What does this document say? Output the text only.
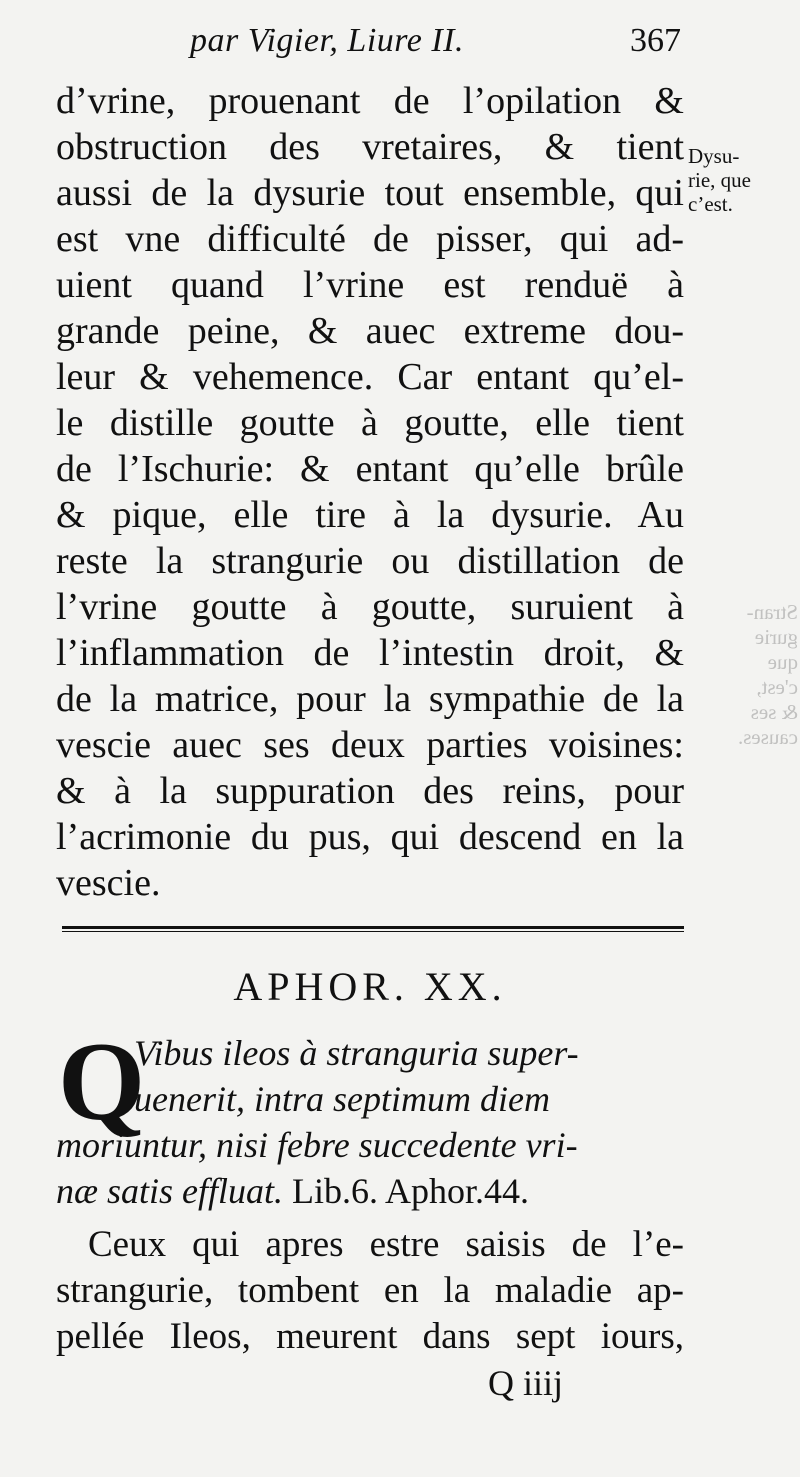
par Vigier, Liure II.	367
d’vrine, prouenant de l’opilation &
obstruction des vretaires, & tient
aussi de la dysurie tout ensemble, qui
est vne difficulté de pisser, qui ad-
uient quand l’vrine est renduë à
grande peine, & auec extreme dou-
leur & vehemence. Car entant qu’el-
le distille goutte à goutte, elle tient
de l’Ischurie: & entant qu’elle brûle
& pique, elle tire à la dysurie. Au
reste la strangurie ou distillation de
l’vrine goutte à goutte, suruient à
l’inflammation de l’intestin droit, &
de la matrice, pour la sympathie de la
vescie auec ses deux parties voisines:
& à la suppuration des reins, pour
l’acrimonie du pus, qui descend en la
vescie.
Dysu-
rie, que
c’est.
APHOR. XX.
Q
Vibus ileos à stranguria super-
uenerit, intra septimum diem
moriuntur, nisi febre succedente vri-
næ satis effluat. Lib.6. Aphor.44.
Ceux qui apres estre saisis de l’e-
strangurie, tombent en la maladie ap-
pellée Ileos, meurent dans sept iours,
Q iiij
Stran-
gurie
que
c'est,
& ses
causes.
